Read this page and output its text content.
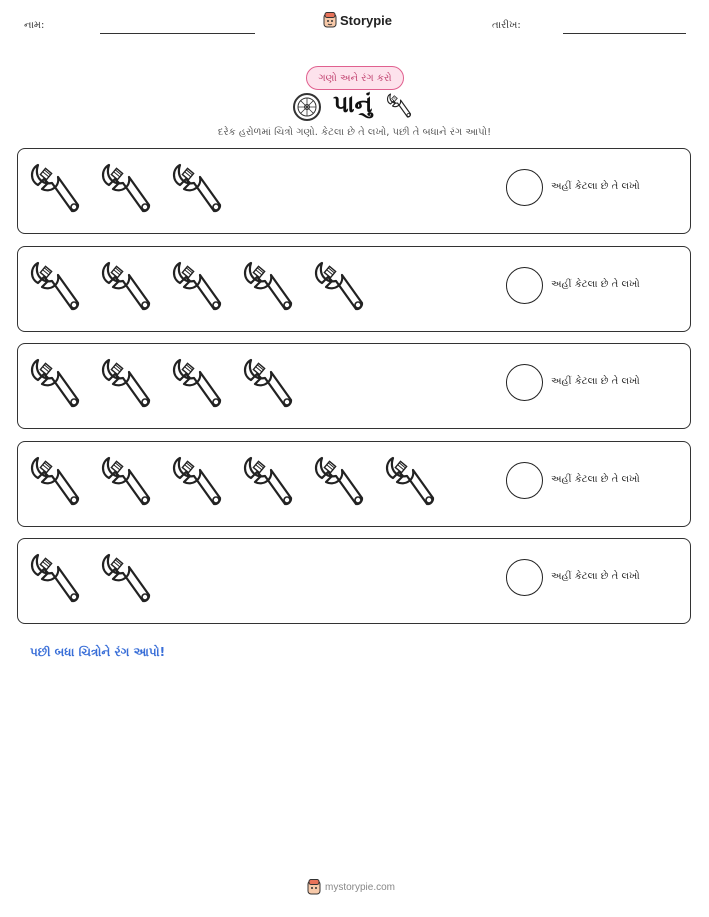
નામ:	Storypie	તારીખ:
ગણો અને રંગ કરો
પાનું
દરેક હરોળમાં ચિત્રો ગણો. કેટલા છે તે લખો, પછી તે બધાને રંગ આપો!
અહીં કેટલા છે તે લખો
અહીં કેટલા છે તે લખો
અહીં કેટલા છે તે લખો
અહીં કેટલા છે તે લખો
અહીં કેટલા છે તે લખો
પછી બધા ચિત્રોને રંગ આપો!
mystorypie.com
